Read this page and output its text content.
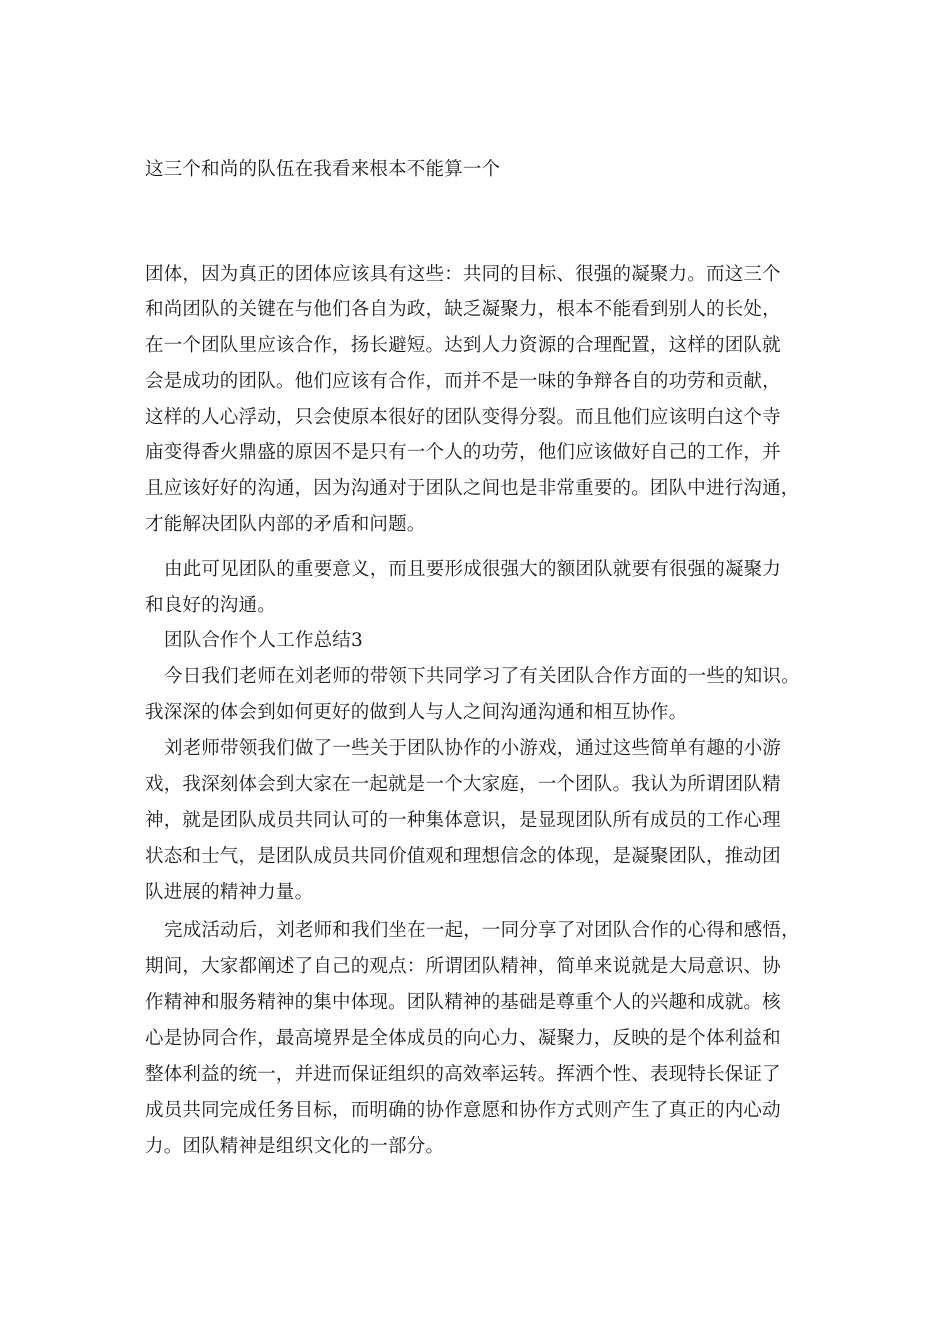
这三个和尚的队伍在我看来根本不能算一个
团体，因为真正的团体应该具有这些：共同的目标、很强的凝聚力。而这三个
和尚团队的关键在与他们各自为政，缺乏凝聚力，根本不能看到别人的长处，
在一个团队里应该合作，扬长避短。达到人力资源的合理配置，这样的团队就
会是成功的团队。他们应该有合作，而并不是一味的争辩各自的功劳和贡献，
这样的人心浮动，只会使原本很好的团队变得分裂。而且他们应该明白这个寺
庙变得香火鼎盛的原因不是只有一个人的功劳，他们应该做好自己的工作，并
且应该好好的沟通，因为沟通对于团队之间也是非常重要的。团队中进行沟通，
才能解决团队内部的矛盾和问题。
由此可见团队的重要意义，而且要形成很强大的额团队就要有很强的凝聚力
和良好的沟通。
团队合作个人工作总结3
今日我们老师在刘老师的带领下共同学习了有关团队合作方面的一些的知识。
我深深的体会到如何更好的做到人与人之间沟通沟通和相互协作。
刘老师带领我们做了一些关于团队协作的小游戏，通过这些简单有趣的小游
戏，我深刻体会到大家在一起就是一个大家庭，一个团队。我认为所谓团队精
神，就是团队成员共同认可的一种集体意识，是显现团队所有成员的工作心理
状态和士气，是团队成员共同价值观和理想信念的体现，是凝聚团队，推动团
队进展的精神力量。
完成活动后，刘老师和我们坐在一起，一同分享了对团队合作的心得和感悟，
期间，大家都阐述了自己的观点：所谓团队精神，简单来说就是大局意识、协
作精神和服务精神的集中体现。团队精神的基础是尊重个人的兴趣和成就。核
心是协同合作，最高境界是全体成员的向心力、凝聚力，反映的是个体利益和
整体利益的统一，并进而保证组织的高效率运转。挥洒个性、表现特长保证了
成员共同完成任务目标，而明确的协作意愿和协作方式则产生了真正的内心动
力。团队精神是组织文化的一部分。
